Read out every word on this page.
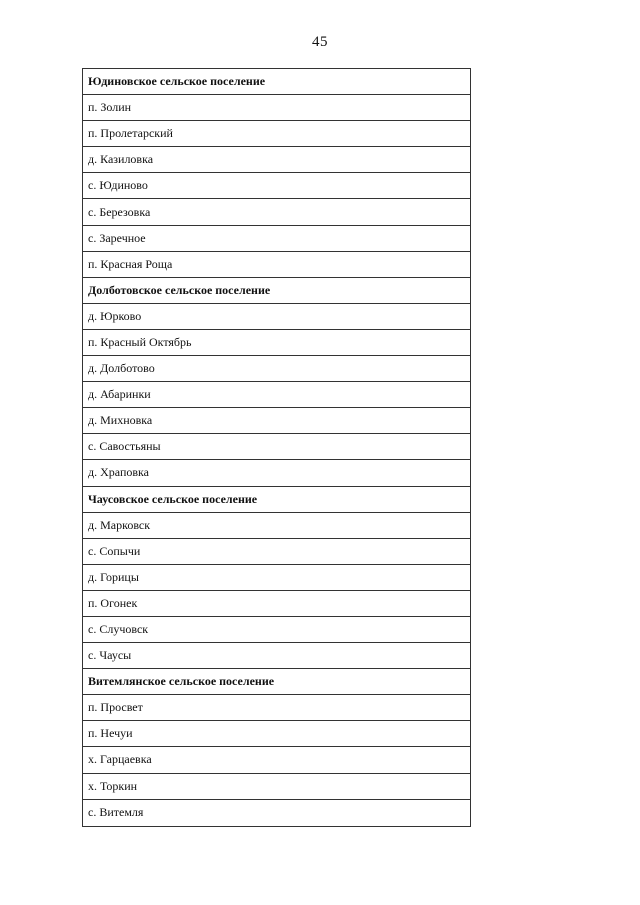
45
Юдиновское сельское поселение
п. Золин
п. Пролетарский
д. Казиловка
с. Юдиново
с. Березовка
с. Заречное
п. Красная Роща
Долботовское сельское поселение
д. Юрково
п. Красный Октябрь
д. Долботово
д. Абаринки
д. Михновка
с. Савостьяны
д. Храповка
Чаусовское сельское поселение
д. Марковск
с. Сопычи
д. Горицы
п. Огонек
с. Случовск
с. Чаусы
Витемлянское сельское поселение
п. Просвет
п. Нечуи
х. Гарцаевка
х. Торкин
с. Витемля
